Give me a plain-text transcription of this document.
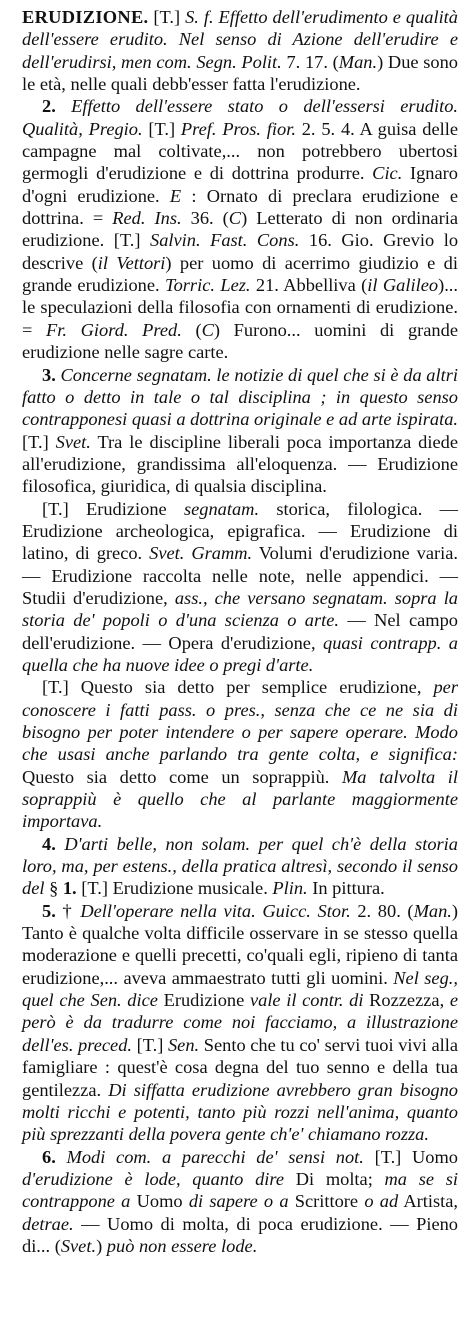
ERUDIZIONE. [T.] S. f. Effetto dell'erudimento e qualità dell'essere erudito. Nel senso di Azione dell'erudire e dell'erudirsi, men com. Segn. Polit. 7. 17. (Man.) Due sono le età, nelle quali debb'esser fatta l'erudizione.

2. Effetto dell'essere stato o dell'essersi erudito. Qualità, Pregio. [T.] Pref. Pros. fior. 2. 5. 4. A guisa delle campagne mal coltivate,... non potrebbero ubertosi germogli d'erudizione e di dottrina produrre. Cic. Ignaro d'ogni erudizione. E : Ornato di preclara erudizione e dottrina. = Red. Ins. 36. (C) Letterato di non ordinaria erudizione. [T.] Salvin. Fast. Cons. 16. Gio. Grevio lo descrive (il Vettori) per uomo di acerrimo giudizio e di grande erudizione. Torric. Lez. 21. Abbelliva (il Galileo)... le speculazioni della filosofia con ornamenti di erudizione. = Fr. Giord. Pred. (C) Furono... uomini di grande erudizione nelle sagre carte.

3. Concerne segnatam. le notizie di quel che si è da altri fatto o detto in tale o tal disciplina ; in questo senso contrapponesi quasi a dottrina originale e ad arte ispirata. [T.] Svet. Tra le discipline liberali poca importanza diede all'erudizione, grandissima all'eloquenza. — Erudizione filosofica, giuridica, di qualsia disciplina.

[T.] Erudizione segnatam. storica, filologica. — Erudizione archeologica, epigrafica. — Erudizione di latino, di greco. Svet. Gramm. Volumi d'erudizione varia. — Erudizione raccolta nelle note, nelle appendici. — Studii d'erudizione, ass., che versano segnatam. sopra la storia de' popoli o d'una scienza o arte. — Nel campo dell'erudizione. — Opera d'erudizione, quasi contrapp. a quella che ha nuove idee o pregi d'arte.

[T.] Questo sia detto per semplice erudizione, per conoscere i fatti pass. o pres., senza che ce ne sia di bisogno per poter intendere o per sapere operare. Modo che usasi anche parlando tra gente colta, e significa: Questo sia detto come un soprappiù. Ma talvolta il soprappiù è quello che al parlante maggiormente importava.

4. D'arti belle, non solam. per quel ch'è della storia loro, ma, per estens., della pratica altresì, secondo il senso del § 1. [T.] Erudizione musicale. Plin. In pittura.

5. † Dell'operare nella vita. Guicc. Stor. 2. 80. (Man.) Tanto è qualche volta difficile osservare in se stesso quella moderazione e quelli precetti, co'quali egli, ripieno di tanta erudizione,... aveva ammaestrato tutti gli uomini. Nel seg., quel che Sen. dice Erudizione vale il contr. di Rozzezza, e però è da tradurre come noi facciamo, a illustrazione dell'es. preced. [T.] Sen. Sento che tu co' servi tuoi vivi alla famigliare : quest'è cosa degna del tuo senno e della tua gentilezza. Di siffatta erudizione avrebbero gran bisogno molti ricchi e potenti, tanto più rozzi nell'anima, quanto più sprezzanti della povera gente ch'e' chiamano rozza.

6. Modi com. a parecchi de' sensi not. [T.] Uomo d'erudizione è lode, quanto dire Di molta; ma se si contrappone a Uomo di sapere o a Scrittore o ad Artista, detrae. — Uomo di molta, di poca erudizione. — Pieno di... (Svet.) può non essere lode.
